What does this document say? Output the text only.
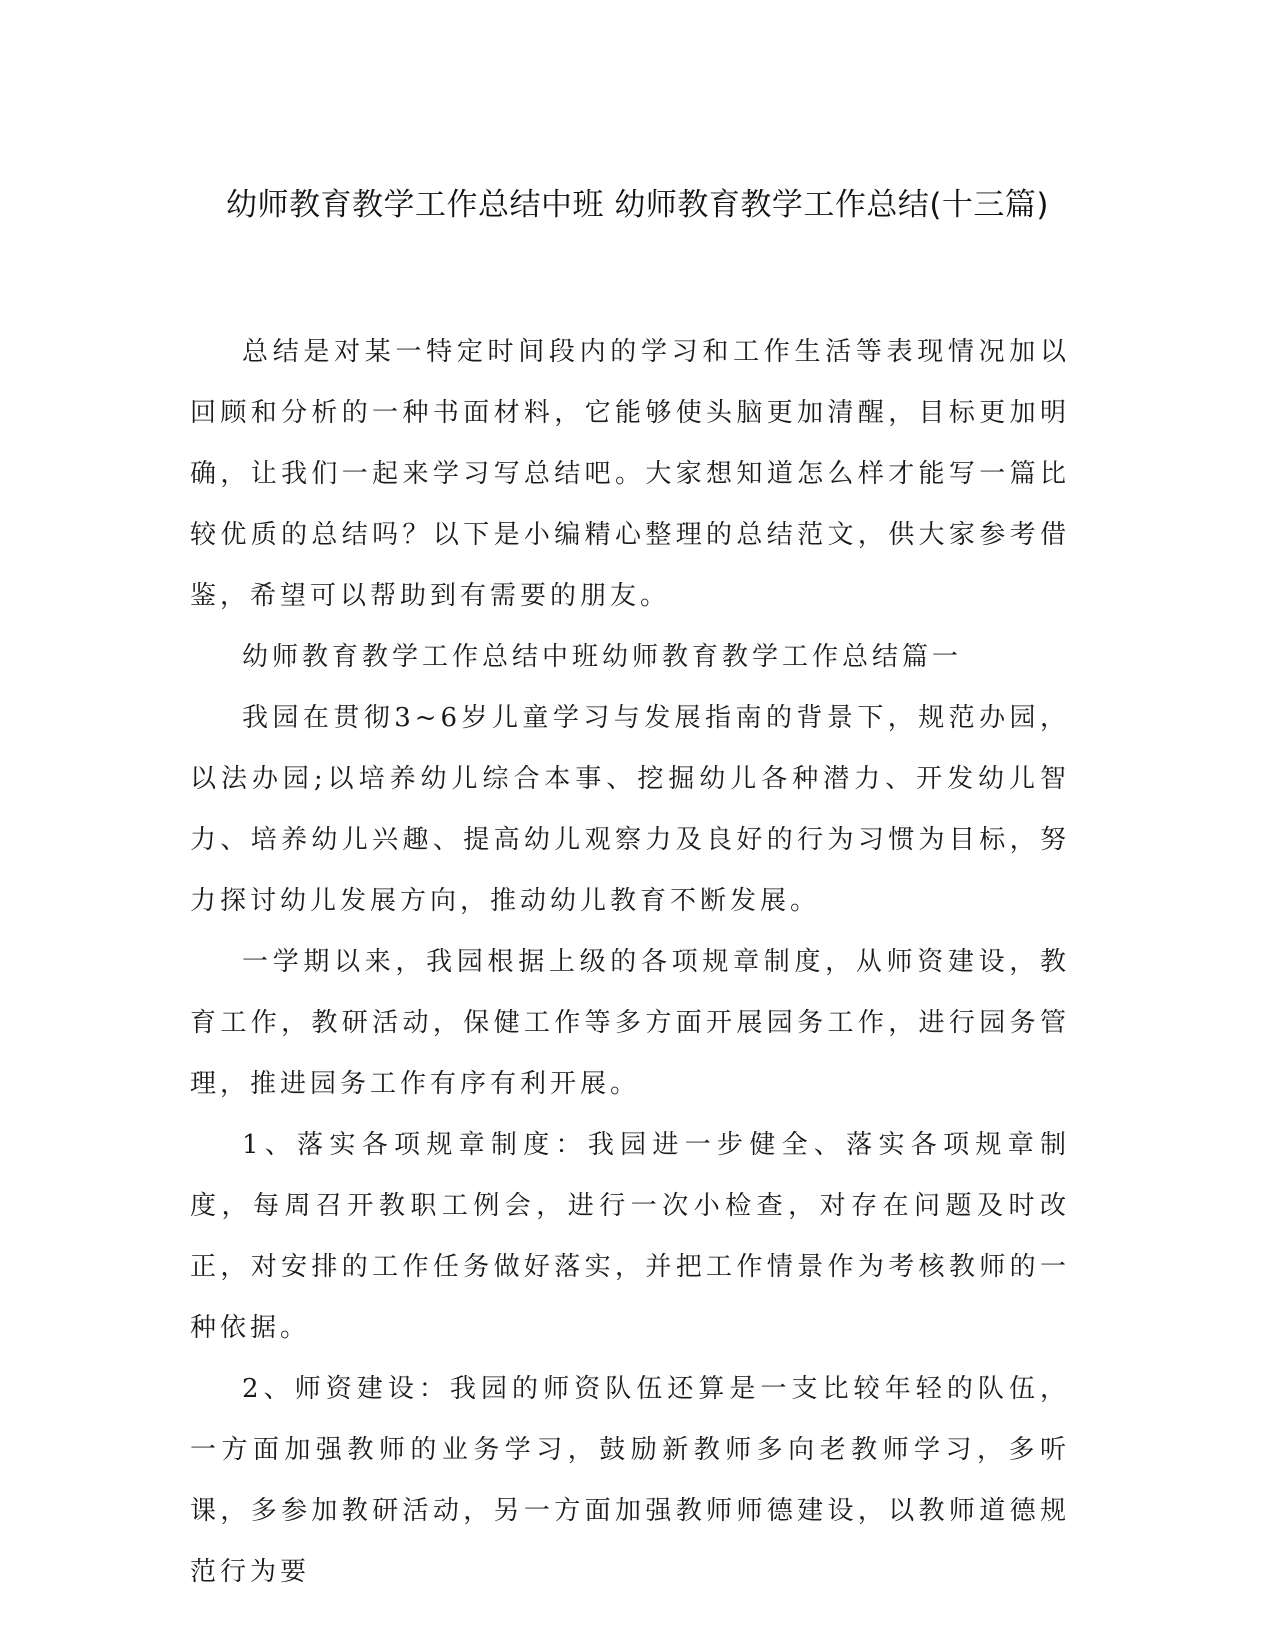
幼师教育教学工作总结中班 幼师教育教学工作总结(十三篇)

总结是对某一特定时间段内的学习和工作生活等表现情况加以回顾和分析的一种书面材料，它能够使头脑更加清醒，目标更加明确，让我们一起来学习写总结吧。大家想知道怎么样才能写一篇比较优质的总结吗？以下是小编精心整理的总结范文，供大家参考借鉴，希望可以帮助到有需要的朋友。

幼师教育教学工作总结中班幼师教育教学工作总结篇一

我园在贯彻3~6岁儿童学习与发展指南的背景下，规范办园，以法办园;以培养幼儿综合本事、挖掘幼儿各种潜力、开发幼儿智力、培养幼儿兴趣、提高幼儿观察力及良好的行为习惯为目标，努力探讨幼儿发展方向，推动幼儿教育不断发展。

一学期以来，我园根据上级的各项规章制度，从师资建设，教育工作，教研活动，保健工作等多方面开展园务工作，进行园务管理，推进园务工作有序有利开展。

1、落实各项规章制度：我园进一步健全、落实各项规章制度，每周召开教职工例会，进行一次小检查，对存在问题及时改正，对安排的工作任务做好落实，并把工作情景作为考核教师的一种依据。

2、师资建设：我园的师资队伍还算是一支比较年轻的队伍，一方面加强教师的业务学习，鼓励新教师多向老教师学习，多听课，多参加教研活动，另一方面加强教师师德建设，以教师道德规范行为要
